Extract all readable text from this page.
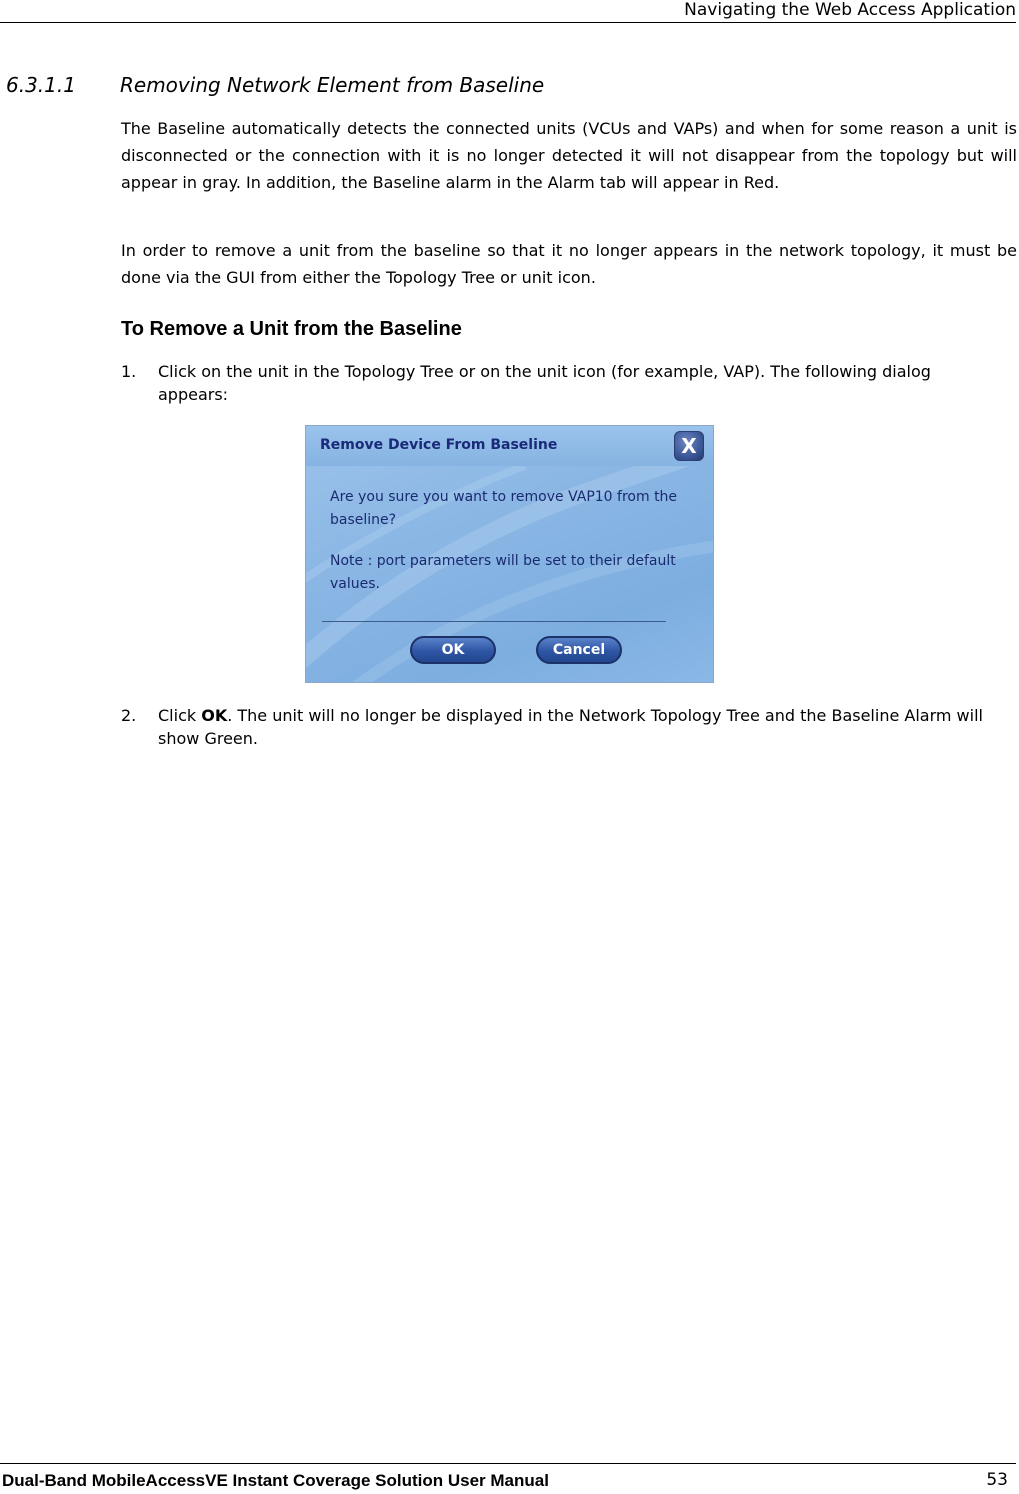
Navigating the Web Access Application
6.3.1.1 Removing Network Element from Baseline

The Baseline automatically detects the connected units (VCUs and VAPs) and when for some reason a unit is disconnected or the connection with it is no longer detected it will not disappear from the topology but will appear in gray. In addition, the Baseline alarm in the Alarm tab will appear in Red.

In order to remove a unit from the baseline so that it no longer appears in the network topology, it must be done via the GUI from either the Topology Tree or unit icon.

To Remove a Unit from the Baseline
1. Click on the unit in the Topology Tree or on the unit icon (for example, VAP). The following dialog appears:
Remove Device From Baseline	X
Are you sure you want to remove VAP10 from the baseline?
Note : port parameters will be set to their default values.
OK	Cancel
2. Click OK. The unit will no longer be displayed in the Network Topology Tree and the Baseline Alarm will show Green.
Dual-Band MobileAccessVE Instant Coverage Solution User Manual	53
